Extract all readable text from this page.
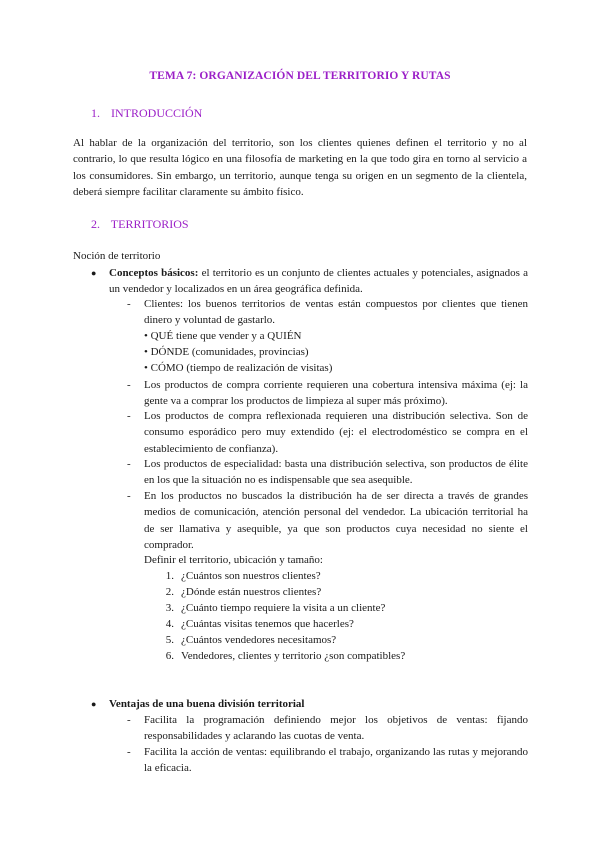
TEMA 7: ORGANIZACIÓN DEL TERRITORIO Y RUTAS
1. INTRODUCCIÓN
Al hablar de la organización del territorio, son los clientes quienes definen el territorio y no al contrario, lo que resulta lógico en una filosofía de marketing en la que todo gira en torno al servicio a los consumidores. Sin embargo, un territorio, aunque tenga su origen en un segmento de la clientela, deberá siempre facilitar claramente su ámbito físico.
2. TERRITORIOS
Noción de territorio
● Conceptos básicos: el territorio es un conjunto de clientes actuales y potenciales, asignados a un vendedor y localizados en un área geográfica definida.
- Clientes: los buenos territorios de ventas están compuestos por clientes que tienen dinero y voluntad de gastarlo.
• QUÉ tiene que vender y a QUIÉN
• DÓNDE (comunidades, provincias)
• CÓMO (tiempo de realización de visitas)
- Los productos de compra corriente requieren una cobertura intensiva máxima (ej: la gente va a comprar los productos de limpieza al super más próximo).
- Los productos de compra reflexionada requieren una distribución selectiva. Son de consumo esporádico pero muy extendido (ej: el electrodoméstico se compra en el establecimiento de confianza).
- Los productos de especialidad: basta una distribución selectiva, son productos de élite en los que la situación no es indispensable que sea asequible.
- En los productos no buscados la distribución ha de ser directa a través de grandes medios de comunicación, atención personal del vendedor. La ubicación territorial ha de ser llamativa y asequible, ya que son productos cuya necesidad no siente el comprador.
Definir el territorio, ubicación y tamaño:
1. ¿Cuántos son nuestros clientes?
2. ¿Dónde están nuestros clientes?
3. ¿Cuánto tiempo requiere la visita a un cliente?
4. ¿Cuántas visitas tenemos que hacerles?
5. ¿Cuántos vendedores necesitamos?
6. Vendedores, clientes y territorio ¿son compatibles?
● Ventajas de una buena división territorial
- Facilita la programación definiendo mejor los objetivos de ventas: fijando responsabilidades y aclarando las cuotas de venta.
- Facilita la acción de ventas: equilibrando el trabajo, organizando las rutas y mejorando la eficacia.
